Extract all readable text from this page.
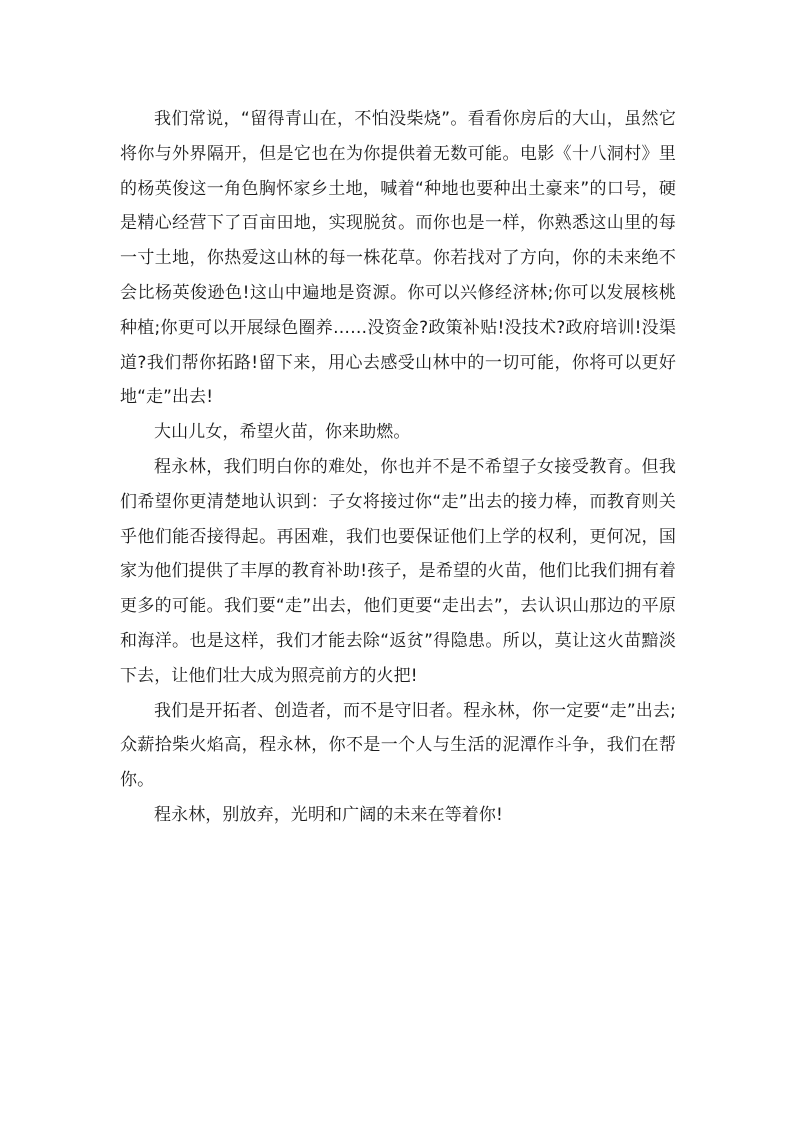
我们常说，“留得青山在，不怕没柴烧”。看看你房后的大山，虽然它将你与外界隔开，但是它也在为你提供着无数可能。电影《十八洞村》里的杨英俊这一角色胸怀家乡土地，喊着“种地也要种出土豪来”的口号，硬是精心经营下了百亩田地，实现脱贫。而你也是一样，你熟悉这山里的每一寸土地，你热爱这山林的每一株花草。你若找对了方向，你的未来绝不会比杨英俊逊色!这山中遍地是资源。你可以兴修经济林;你可以发展核桃种植;你更可以开展绿色圈养……没资金?政策补贴!没技术?政府培训!没渠道?我们帮你拓路!留下来，用心去感受山林中的一切可能，你将可以更好地“走”出去!

大山儿女，希望火苗，你来助燃。

程永林，我们明白你的难处，你也并不是不希望子女接受教育。但我们希望你更清楚地认识到：子女将接过你“走”出去的接力棒，而教育则关乎他们能否接得起。再困难，我们也要保证他们上学的权利，更何况，国家为他们提供了丰厚的教育补助!孩子，是希望的火苗，他们比我们拥有着更多的可能。我们要“走”出去，他们更要“走出去”，去认识山那边的平原和海洋。也是这样，我们才能去除“返贫”得隐患。所以，莫让这火苗黯淡下去，让他们壮大成为照亮前方的火把!

我们是开拓者、创造者，而不是守旧者。程永林，你一定要“走”出去;众薪拾柴火焰高，程永林，你不是一个人与生活的泥潭作斗争，我们在帮你。

程永林，别放弃，光明和广阔的未来在等着你!
